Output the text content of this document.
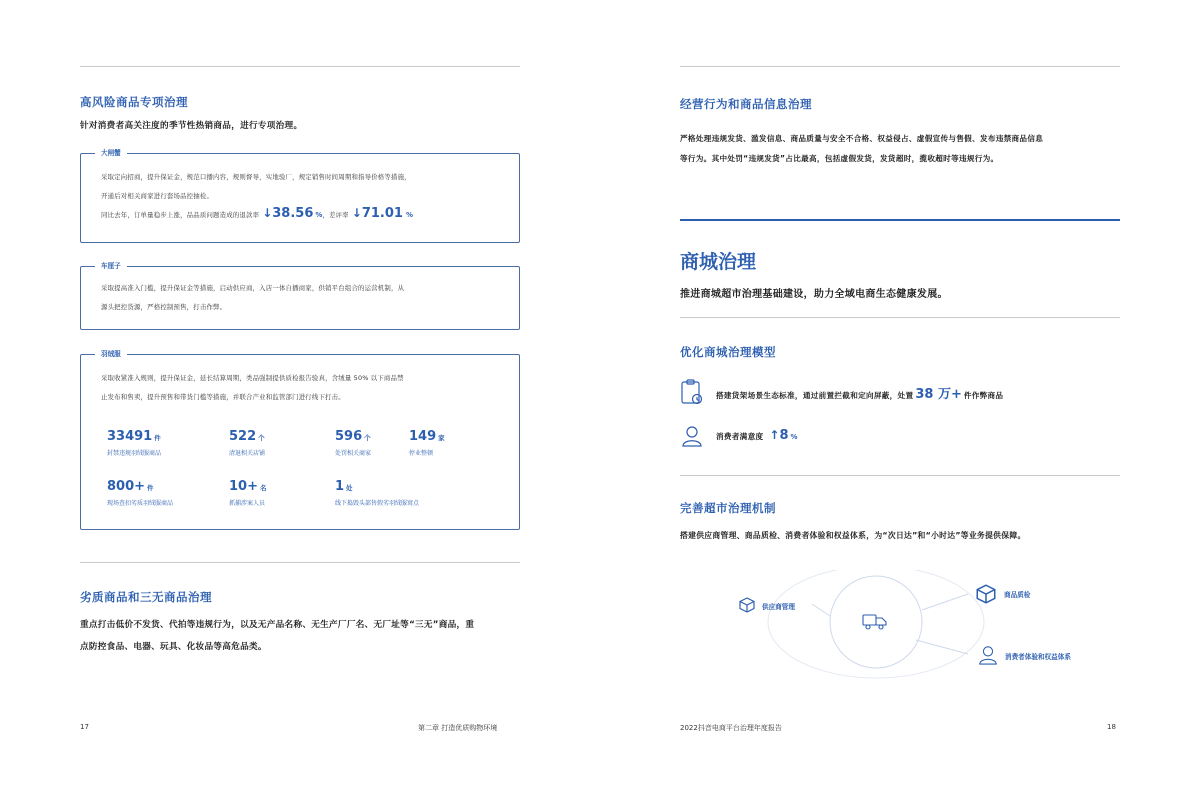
高风险商品专项治理
针对消费者高关注度的季节性热销商品，进行专项治理。
大闸蟹
采取定向招商，提升保证金，规范口播内容，规则督导，实地验厂，规定销售时间周期和指导价格等措施，
开通后对相关商家进行套场品控抽检。
同比去年，订单量稳步上涨，品品质问题造成的退款率 ↓ 38.56 % ，差评率 ↓ 71.01 %
车厘子
采取提高准入门槛，提升保证金等措施，启动供应商，入店一体自播商家，供销平台组合的运营机制，从
源头把控货源，严格控制预售，打击作弊。
羽绒服
采取收紧准入规则，提升保证金，延长结算周期，类品强制提供质检报告验真，含绒量 50% 以下商品禁
止发布和售卖，提升预售和带货门槛等措施，并联合产业和监管部门进行线下打击。
33491 件
封禁违规羽绒服商品
522 个
清退相关店铺
596 个
处罚相关商家
149 家
停业整顿
800+ 件
现场查扣劣质羽绒服商品
10+ 名
抓捕涉案人员
1 处
线下捣毁头部售假劣羽绒服窝点
劣质商品和三无商品治理
重点打击低价不发货、代拍等违规行为，以及无产品名称、无生产厂厂名、无厂址等“三无”商品，重
点防控食品、电器、玩具、化妆品等高危品类。
17	第二章 打造优质购物环境
经营行为和商品信息治理
严格处理违规发货、滥发信息、商品质量与安全不合格、权益侵占、虚假宣传与售假、发布违禁商品信息
等行为。其中处罚“违规发货”占比最高，包括虚假发货，发货超时，揽收超时等违规行为。
商城治理
推进商城超市治理基础建设，助力全域电商生态健康发展。
优化商城治理模型
搭建货架场景生态标准，通过前置拦截和定向屏蔽，处置 38 万+ 件作弊商品
消费者满意度 ↑ 8 %
完善超市治理机制
搭建供应商管理、商品质检、消费者体验和权益体系，为“次日达”和“小时达”等业务提供保障。
供应商管理
商品质检
消费者体验和权益体系
2022抖音电商平台治理年度报告	18
